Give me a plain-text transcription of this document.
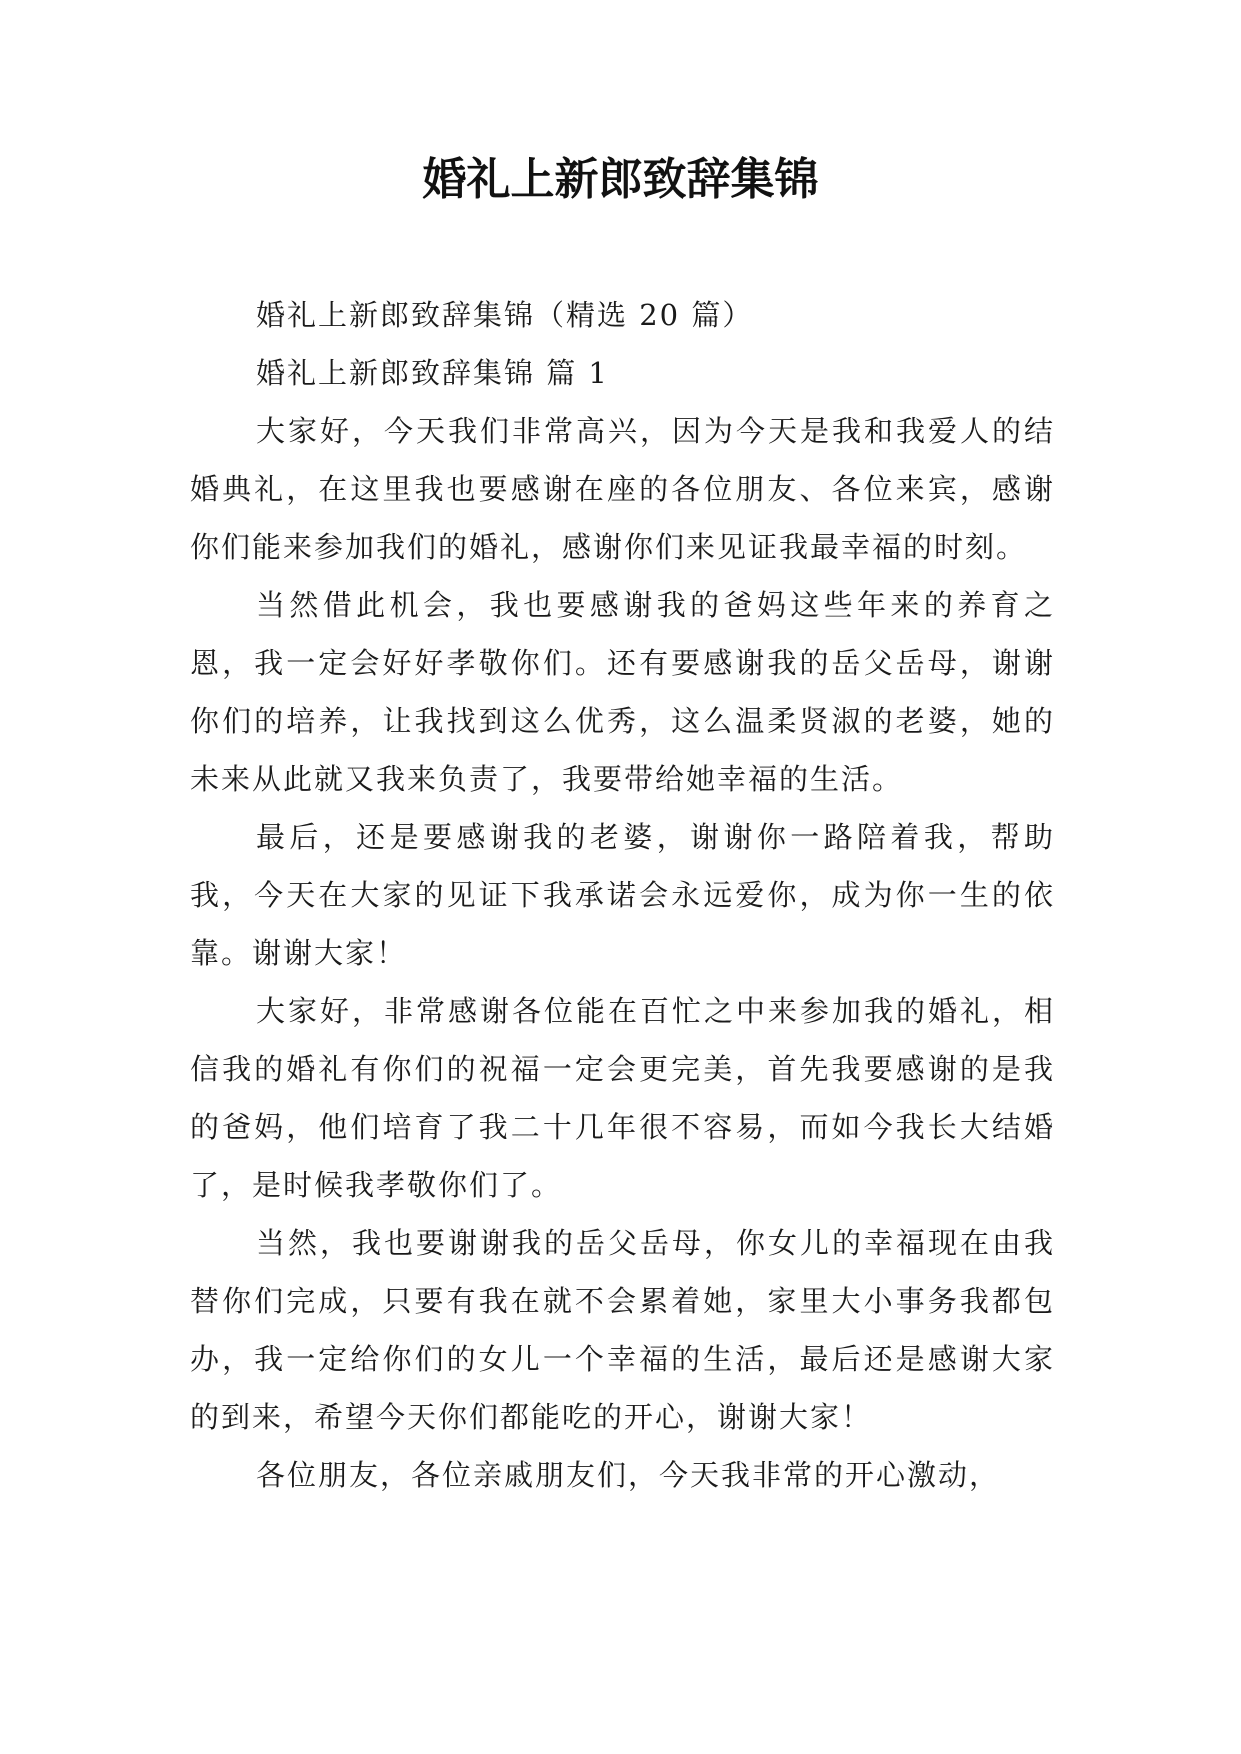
婚礼上新郎致辞集锦

婚礼上新郎致辞集锦（精选 20 篇）

婚礼上新郎致辞集锦 篇 1

大家好，今天我们非常高兴，因为今天是我和我爱人的结婚典礼，在这里我也要感谢在座的各位朋友、各位来宾，感谢你们能来参加我们的婚礼，感谢你们来见证我最幸福的时刻。

当然借此机会，我也要感谢我的爸妈这些年来的养育之恩，我一定会好好孝敬你们。还有要感谢我的岳父岳母，谢谢你们的培养，让我找到这么优秀，这么温柔贤淑的老婆，她的未来从此就又我来负责了，我要带给她幸福的生活。

最后，还是要感谢我的老婆，谢谢你一路陪着我，帮助我，今天在大家的见证下我承诺会永远爱你，成为你一生的依靠。谢谢大家！

大家好，非常感谢各位能在百忙之中来参加我的婚礼，相信我的婚礼有你们的祝福一定会更完美，首先我要感谢的是我的爸妈，他们培育了我二十几年很不容易，而如今我长大结婚了，是时候我孝敬你们了。

当然，我也要谢谢我的岳父岳母，你女儿的幸福现在由我替你们完成，只要有我在就不会累着她，家里大小事务我都包办，我一定给你们的女儿一个幸福的生活，最后还是感谢大家的到来，希望今天你们都能吃的开心，谢谢大家！

各位朋友，各位亲戚朋友们，今天我非常的开心激动，
